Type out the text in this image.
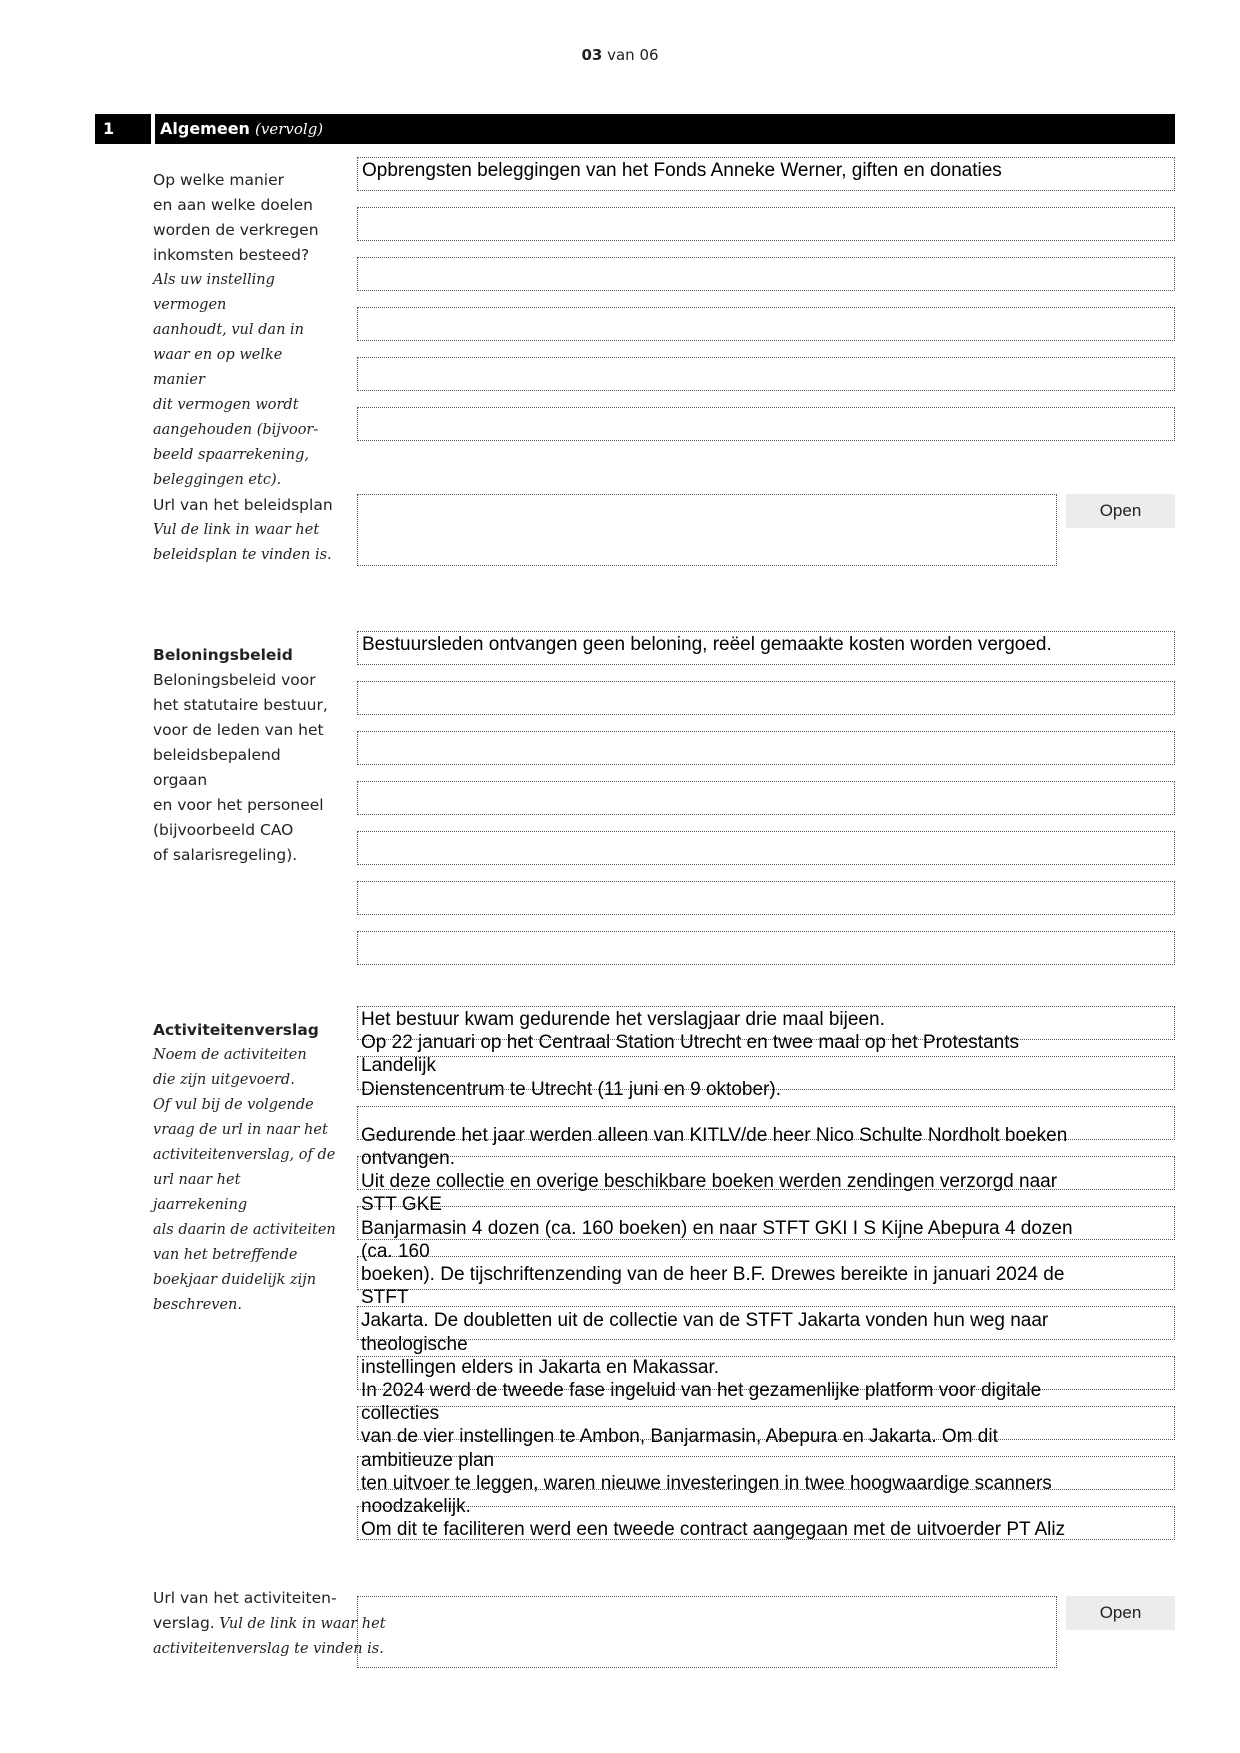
03 van 06
1	Algemeen (vervolg)
Op welke manier
en aan welke doelen
worden de verkregen
inkomsten besteed?
Als uw instelling vermogen
aanhoudt, vul dan in
waar en op welke manier
dit vermogen wordt
aangehouden (bijvoor-
beeld spaarrekening,
beleggingen etc).
Opbrengsten beleggingen van het Fonds Anneke Werner, giften en donaties
Url van het beleidsplan
Vul de link in waar het
beleidsplan te vinden is.
Open
Beloningsbeleid
Beloningsbeleid voor
het statutaire bestuur,
voor de leden van het
beleidsbepalend orgaan
en voor het personeel
(bijvoorbeeld CAO
of salarisregeling).
Bestuursleden ontvangen geen beloning, reëel gemaakte kosten worden vergoed.
Activiteitenverslag
Noem de activiteiten
die zijn uitgevoerd.
Of vul bij de volgende
vraag de url in naar het
activiteitenverslag, of de
url naar het jaarrekening
als daarin de activiteiten
van het betreffende
boekjaar duidelijk zijn
beschreven.
Het bestuur kwam gedurende het verslagjaar drie maal bijeen.
Op 22 januari op het Centraal Station Utrecht en twee maal op het Protestants
Landelijk
Dienstencentrum te Utrecht (11 juni en 9 oktober).
Gedurende het jaar werden alleen van KITLV/de heer Nico Schulte Nordholt boeken
ontvangen.
Uit deze collectie en overige beschikbare boeken werden zendingen verzorgd naar
STT GKE
Banjarmasin 4 dozen (ca. 160 boeken) en naar STFT GKI I S Kijne Abepura 4 dozen
(ca. 160
boeken). De tijschriftenzending van de heer B.F. Drewes bereikte in januari 2024 de
STFT
Jakarta. De doubletten uit de collectie van de STFT Jakarta vonden hun weg naar
theologische
instellingen elders in Jakarta en Makassar.
In 2024 werd de tweede fase ingeluid van het gezamenlijke platform voor digitale
collecties
van de vier instellingen te Ambon, Banjarmasin, Abepura en Jakarta. Om dit
ambitieuze plan
ten uitvoer te leggen, waren nieuwe investeringen in twee hoogwaardige scanners
noodzakelijk.
Om dit te faciliteren werd een tweede contract aangegaan met de uitvoerder PT Aliz
Url van het activiteiten-
verslag. Vul de link in waar het
activiteitenverslag te vinden is.
Open
